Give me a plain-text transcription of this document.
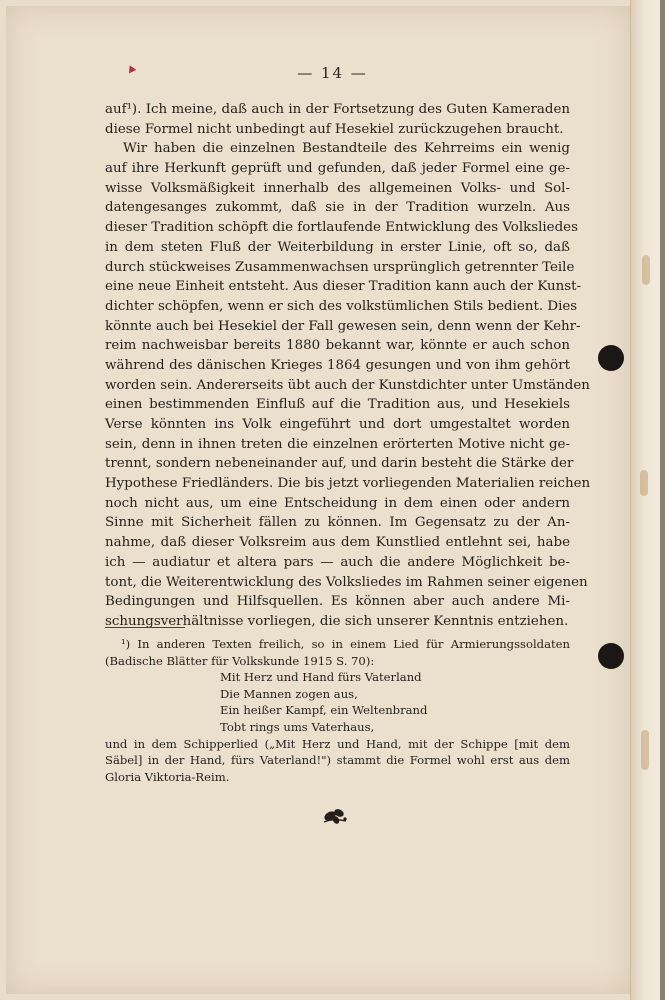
— 14 —
auf¹). Ich meine, daß auch in der Fortsetzung des Guten Kameraden
diese Formel nicht unbedingt auf Hesekiel zurückzugehen braucht.
Wir haben die einzelnen Bestandteile des Kehrreims ein wenig
auf ihre Herkunft geprüft und gefunden, daß jeder Formel eine ge-
wisse Volksmäßigkeit innerhalb des allgemeinen Volks- und Sol-
datengesanges zukommt, daß sie in der Tradition wurzeln. Aus
dieser Tradition schöpft die fortlaufende Entwicklung des Volksliedes
in dem steten Fluß der Weiterbildung in erster Linie, oft so, daß
durch stückweises Zusammenwachsen ursprünglich getrennter Teile
eine neue Einheit entsteht. Aus dieser Tradition kann auch der Kunst-
dichter schöpfen, wenn er sich des volkstümlichen Stils bedient. Dies
könnte auch bei Hesekiel der Fall gewesen sein, denn wenn der Kehr-
reim nachweisbar bereits 1880 bekannt war, könnte er auch schon
während des dänischen Krieges 1864 gesungen und von ihm gehört
worden sein. Andererseits übt auch der Kunstdichter unter Umständen
einen bestimmenden Einfluß auf die Tradition aus, und Hesekiels
Verse könnten ins Volk eingeführt und dort umgestaltet worden
sein, denn in ihnen treten die einzelnen erörterten Motive nicht ge-
trennt, sondern nebeneinander auf, und darin besteht die Stärke der
Hypothese Friedländers. Die bis jetzt vorliegenden Materialien reichen
noch nicht aus, um eine Entscheidung in dem einen oder andern
Sinne mit Sicherheit fällen zu können. Im Gegensatz zu der An-
nahme, daß dieser Volksreim aus dem Kunstlied entlehnt sei, habe
ich — audiatur et altera pars — auch die andere Möglichkeit be-
tont, die Weiterentwicklung des Volksliedes im Rahmen seiner eigenen
Bedingungen und Hilfsquellen. Es können aber auch andere Mi-
schungsverhältnisse vorliegen, die sich unserer Kenntnis entziehen.
¹) In anderen Texten freilich, so in einem Lied für Armierungssoldaten
(Badische Blätter für Volkskunde 1915 S. 70):
Mit Herz und Hand fürs Vaterland
Die Mannen zogen aus,
Ein heißer Kampf, ein Weltenbrand
Tobt rings ums Vaterhaus,
und in dem Schipperlied („Mit Herz und Hand, mit der Schippe [mit dem
Säbel] in der Hand, fürs Vaterland!") stammt die Formel wohl erst aus dem
Gloria Viktoria-Reim.
